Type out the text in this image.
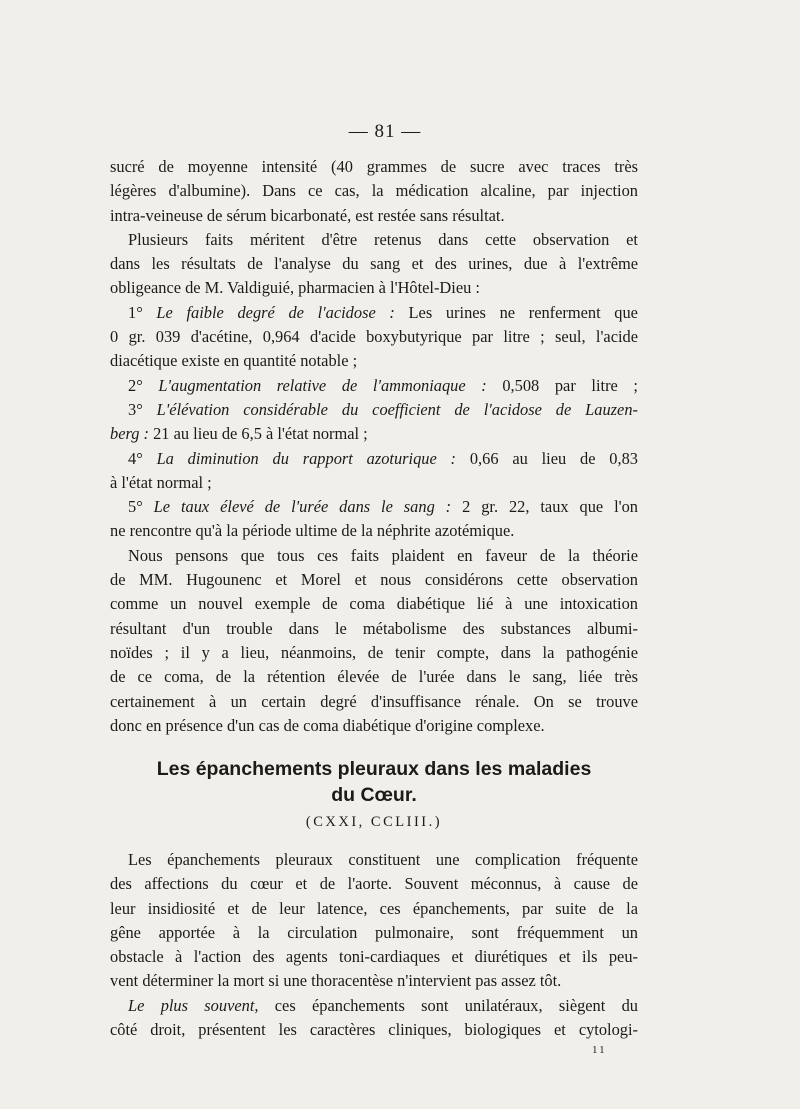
— 81 —
sucré de moyenne intensité (40 grammes de sucre avec traces très
légères d'albumine). Dans ce cas, la médication alcaline, par injection
intra-veineuse de sérum bicarbonaté, est restée sans résultat.
Plusieurs faits méritent d'être retenus dans cette observation et
dans les résultats de l'analyse du sang et des urines, due à l'extrême
obligeance de M. Valdiguié, pharmacien à l'Hôtel-Dieu :
1° Le faible degré de l'acidose : Les urines ne renferment que
0 gr. 039 d'acétine, 0,964 d'acide boxybutyrique par litre ; seul, l'acide
diacétique existe en quantité notable ;
2° L'augmentation relative de l'ammoniaque : 0,508 par litre ;
3° L'élévation considérable du coefficient de l'acidose de Lauzen-
berg : 21 au lieu de 6,5 à l'état normal ;
4° La diminution du rapport azoturique : 0,66 au lieu de 0,83
à l'état normal ;
5° Le taux élevé de l'urée dans le sang : 2 gr. 22, taux que l'on
ne rencontre qu'à la période ultime de la néphrite azotémique.
Nous pensons que tous ces faits plaident en faveur de la théorie
de MM. Hugounenc et Morel et nous considérons cette observation
comme un nouvel exemple de coma diabétique lié à une intoxication
résultant d'un trouble dans le métabolisme des substances albumi-
noïdes ; il y a lieu, néanmoins, de tenir compte, dans la pathogénie
de ce coma, de la rétention élevée de l'urée dans le sang, liée très
certainement à un certain degré d'insuffisance rénale. On se trouve
donc en présence d'un cas de coma diabétique d'origine complexe.
Les épanchements pleuraux dans les maladies
du Cœur.
(CXXI, CCLIII.)
Les épanchements pleuraux constituent une complication fréquente
des affections du cœur et de l'aorte. Souvent méconnus, à cause de
leur insidiosité et de leur latence, ces épanchements, par suite de la
gêne apportée à la circulation pulmonaire, sont fréquemment un
obstacle à l'action des agents toni-cardiaques et diurétiques et ils peu-
vent déterminer la mort si une thoracentèse n'intervient pas assez tôt.
Le plus souvent, ces épanchements sont unilatéraux, siègent du
côté droit, présentent les caractères cliniques, biologiques et cytologi-
11
